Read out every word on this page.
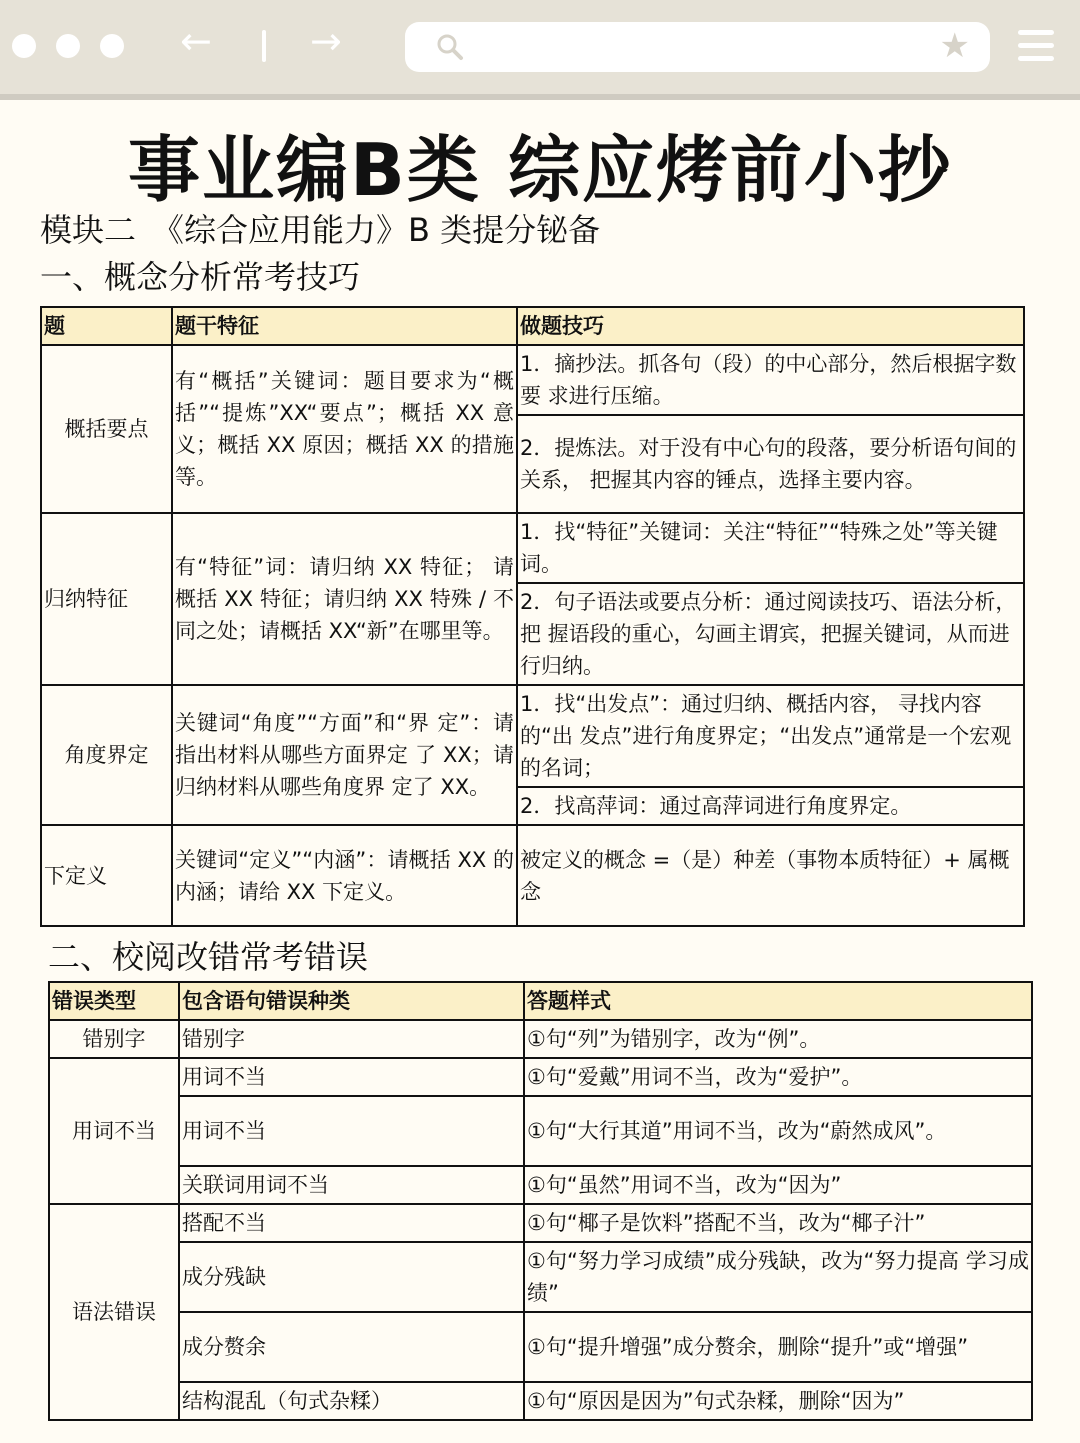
←	→	★
事业编B类 综应烤前小抄
模块二　《综合应用能力》B 类提分铋备
一、概念分析常考技巧
题	题干特征	做题技巧
概括要点	有“概括”关键词：题目要求为“概括”“提炼”XX“要点”；概括 XX 意义；概括 XX 原因；概括 XX 的措施等。	1．摘抄法。抓各句（段）的中心部分，然后根据字数要 求进行压缩。
		2．提炼法。对于没有中心句的段落，要分析语句间的关系， 把握其内容的锤点，选择主要内容。
归纳特征	有“特征”词：请归纳 XX 特征； 请概括 XX 特征；请归纳 XX 特殊 / 不同之处；请概括 XX“新”在哪里等。	1．找“特征”关键词：关注“特征”“特殊之处”等关键词。
		2．句子语法或要点分析：通过阅读技巧、语法分析，把 握语段的重心，勾画主谓宾，把握关键词，从而进行归纳。
角度界定	关键词“角度”“方面”和“界 定”：请指出材料从哪些方面界定 了 XX；请归纳材料从哪些角度界 定了 XX。	1．找“出发点”：通过归纳、概括内容， 寻找内容的“出 发点”进行角度界定；“出发点”通常是一个宏观的名词；
		2．找高萍词：通过高萍词进行角度界定。
下定义	关键词“定义”“内涵”：请概括 XX 的内涵；请给 XX 下定义。	被定义的概念 =（是）种差（事物本质特征）+ 属概念
二、校阅改错常考错误
错误类型	包含语句错误种类	答题样式
错别字	错别字	①句“列”为错别字，改为“例”。
用词不当	用词不当	①句“爱戴”用词不当，改为“爱护”。
	用词不当	①句“大行其道”用词不当，改为“蔚然成风”。
	关联词用词不当	①句“虽然”用词不当，改为“因为”
语法错误	搭配不当	①句“椰子是饮料”搭配不当，改为“椰子汁”
	成分残缺	①句“努力学习成绩”成分残缺，改为“努力提高 学习成绩”
	成分赘余	①句“提升增强”成分赘余，删除“提升”或“增强”
	结构混乱（句式杂糅）	①句“原因是因为”句式杂糅，删除“因为”
